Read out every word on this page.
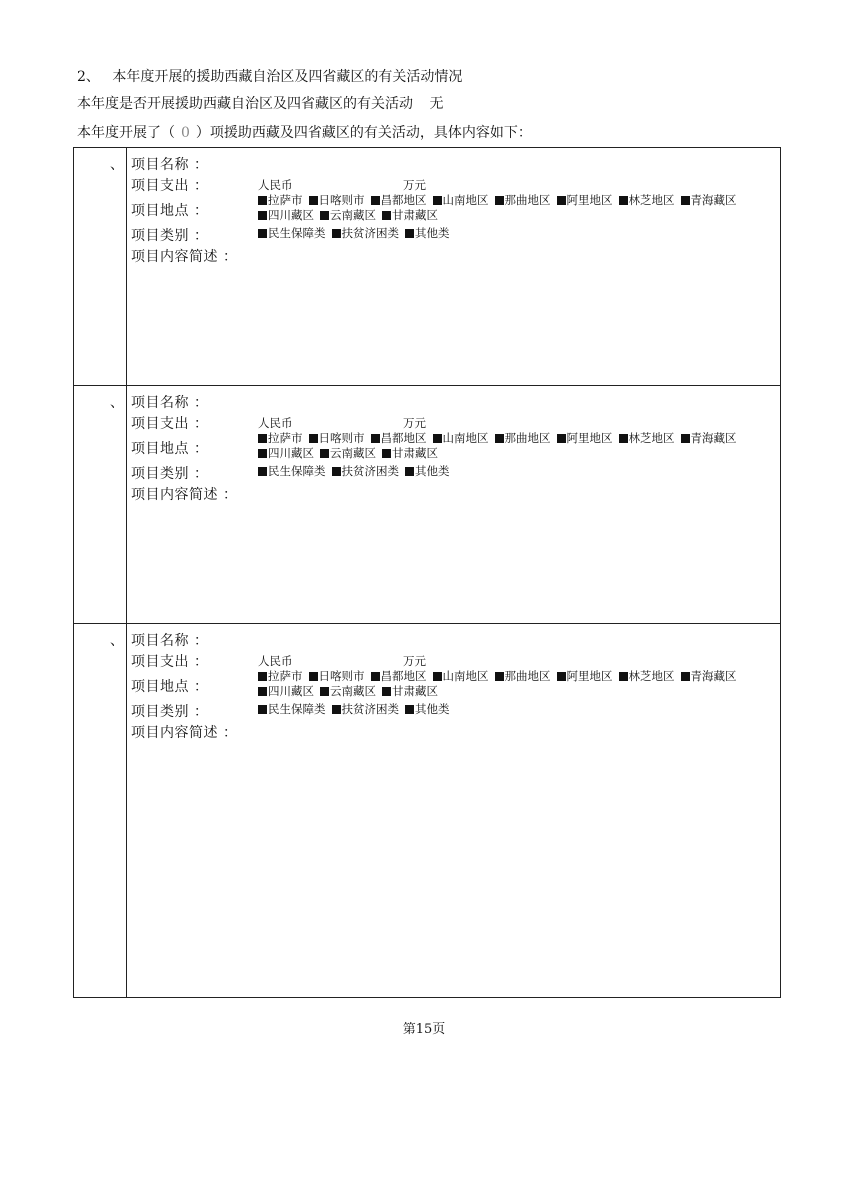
2、 本年度开展的援助西藏自治区及四省藏区的有关活动情况
本年度是否开展援助西藏自治区及四省藏区的有关活动 无
本年度开展了（ 0 ）项援助西藏及四省藏区的有关活动，具体内容如下：
、 项目名称 ：
项目支出 ：	人民币	万元
项目地点 ：
拉萨市 日喀则市 昌都地区 山南地区 那曲地区 阿里地区 林芝地区 青海藏区四川藏区 云南藏区 甘肃藏区
项目类别 ：	民生保障类 扶贫济困类 其他类
项目内容简述 ：
、 项目名称 ：
项目支出 ：	人民币	万元
项目地点 ：
拉萨市 日喀则市 昌都地区 山南地区 那曲地区 阿里地区 林芝地区 青海藏区四川藏区 云南藏区 甘肃藏区
项目类别 ：	民生保障类 扶贫济困类 其他类
项目内容简述 ：
、 项目名称 ：
项目支出 ：	人民币	万元
项目地点 ：
拉萨市 日喀则市 昌都地区 山南地区 那曲地区 阿里地区 林芝地区 青海藏区四川藏区 云南藏区 甘肃藏区
项目类别 ：	民生保障类 扶贫济困类 其他类
项目内容简述 ：
第15页
